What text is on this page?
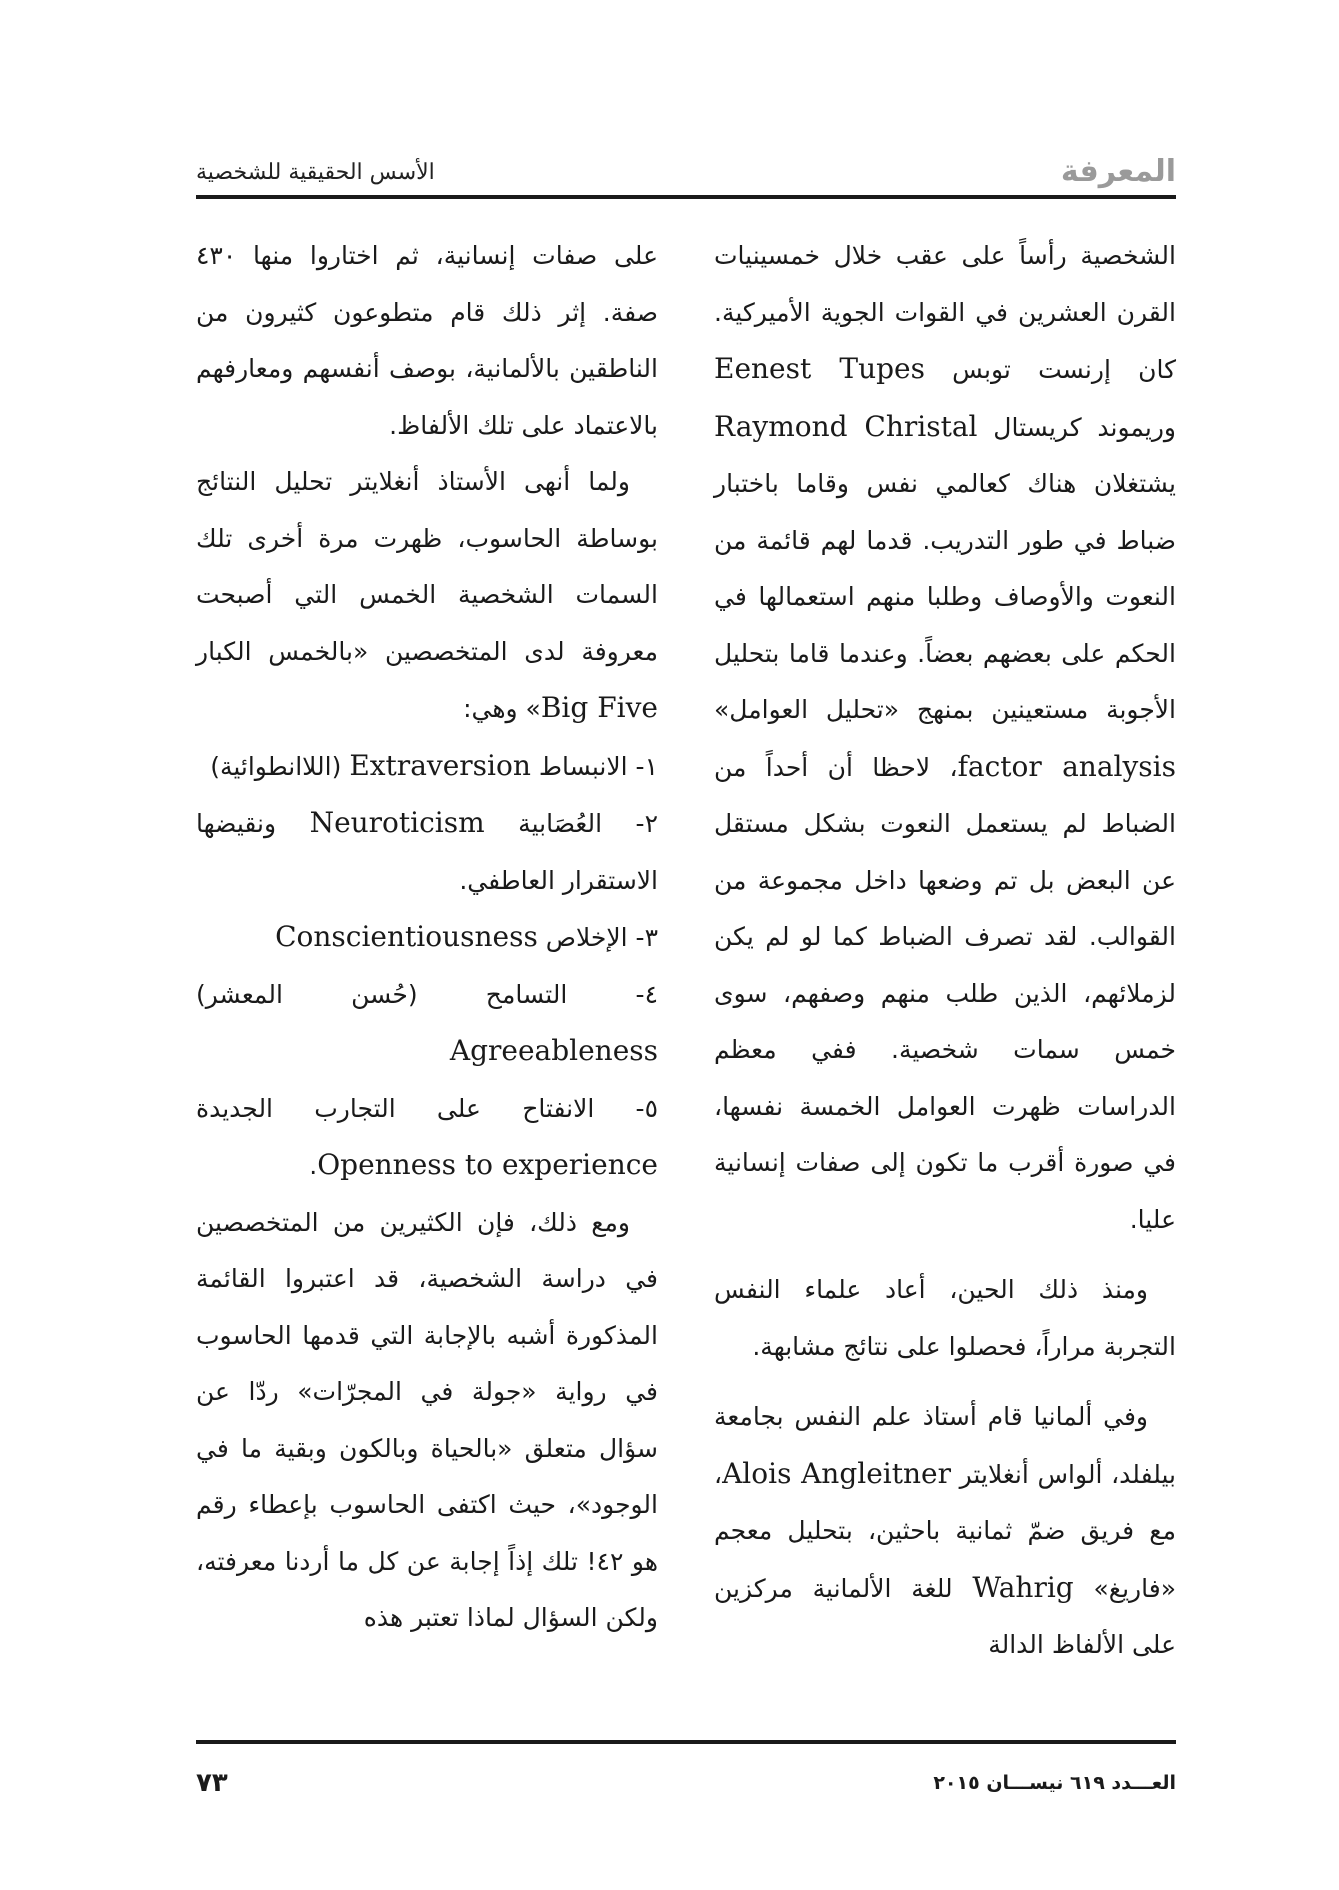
المعرفة
الأسس الحقيقية للشخصية

الشخصية رأساً على عقب خلال خمسينيات القرن العشرين في القوات الجوية الأميركية. كان إرنست توبس Eenest Tupes وريموند كريستال Raymond Christal يشتغلان هناك كعالمي نفس وقاما باختبار ضباط في طور التدريب. قدما لهم قائمة من النعوت والأوصاف وطلبا منهم استعمالها في الحكم على بعضهم بعضاً. وعندما قاما بتحليل الأجوبة مستعينين بمنهج «تحليل العوامل» factor analysis، لاحظا أن أحداً من الضباط لم يستعمل النعوت بشكل مستقل عن البعض بل تم وضعها داخل مجموعة من القوالب. لقد تصرف الضباط كما لو لم يكن لزملائهم، الذين طلب منهم وصفهم، سوى خمس سمات شخصية. ففي معظم الدراسات ظهرت العوامل الخمسة نفسها، في صورة أقرب ما تكون إلى صفات إنسانية عليا.

ومنذ ذلك الحين، أعاد علماء النفس التجربة مراراً، فحصلوا على نتائج مشابهة.

وفي ألمانيا قام أستاذ علم النفس بجامعة بيلفلد، ألواس أنغلايتر Alois Angleitner، مع فريق ضمّ ثمانية باحثين، بتحليل معجم «فاريغ» Wahrig للغة الألمانية مركزين على الألفاظ الدالة

على صفات إنسانية، ثم اختاروا منها ٤٣٠ صفة. إثر ذلك قام متطوعون كثيرون من الناطقين بالألمانية، بوصف أنفسهم ومعارفهم بالاعتماد على تلك الألفاظ.

ولما أنهى الأستاذ أنغلايتر تحليل النتائج بوساطة الحاسوب، ظهرت مرة أخرى تلك السمات الشخصية الخمس التي أصبحت معروفة لدى المتخصصين «بالخمس الكبار Big Five» وهي:

١- الانبساط Extraversion (اللاانطوائية)

٢- العُصَابية Neuroticism ونقيضها الاستقرار العاطفي.

٣- الإخلاص Conscientiousness

٤- التسامح (حُسن المعشر) Agreeableness

٥- الانفتاح على التجارب الجديدة Openness to experience.

ومع ذلك، فإن الكثيرين من المتخصصين في دراسة الشخصية، قد اعتبروا القائمة المذكورة أشبه بالإجابة التي قدمها الحاسوب في رواية «جولة في المجرّات» ردّا عن سؤال متعلق «بالحياة وبالكون وبقية ما في الوجود»، حيث اكتفى الحاسوب بإعطاء رقم هو ٤٢! تلك إذاً إجابة عن كل ما أردنا معرفته، ولكن السؤال لماذا تعتبر هذه

العـــدد ٦١٩ نيســـان ٢٠١٥
٧٣
